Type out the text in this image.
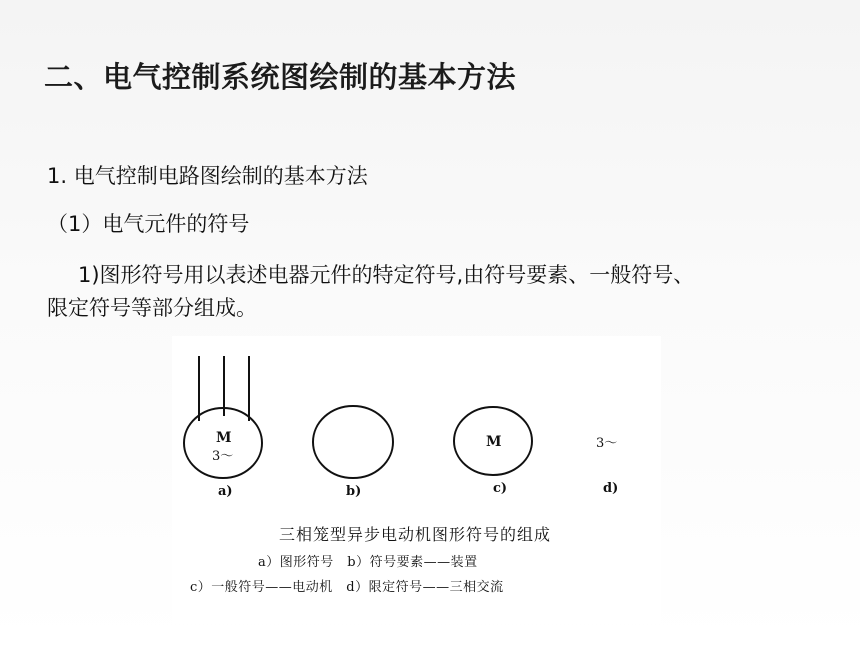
二、电气控制系统图绘制的基本方法
1. 电气控制电路图绘制的基本方法
（1）电气元件的符号
1)图形符号用以表述电器元件的特定符号,由符号要素、一般符号、
限定符号等部分组成。
M
3～
M	3～
a)	b)	c)	d)
三相笼型异步电动机图形符号的组成
a）图形符号　b）符号要素——装置
c）一般符号——电动机　d）限定符号——三相交流
